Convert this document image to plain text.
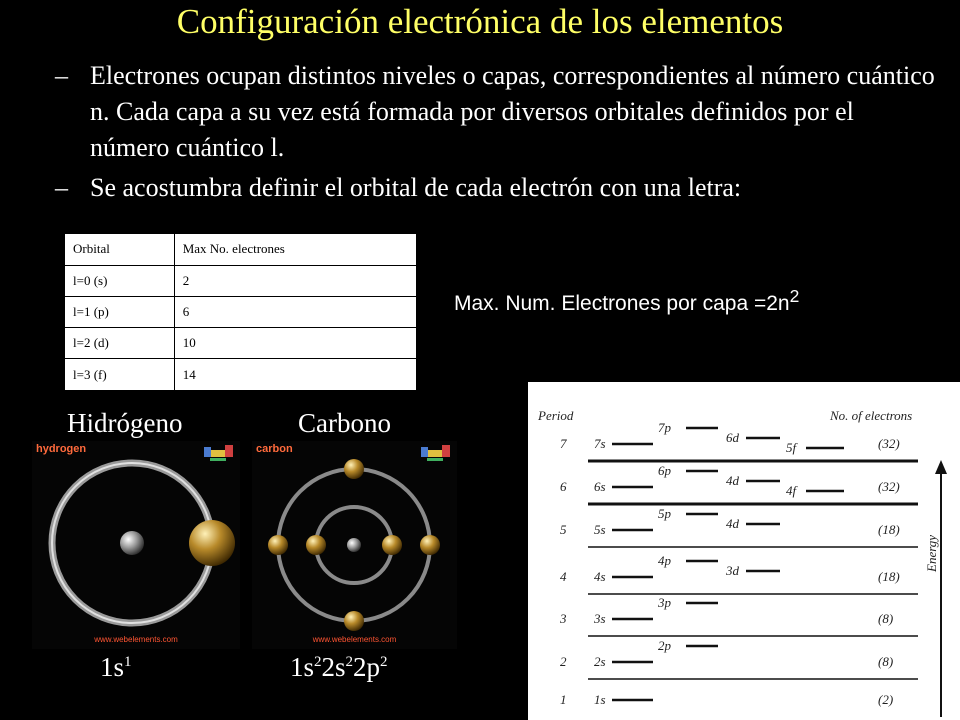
Configuración electrónica de los elementos
– Electrones ocupan distintos niveles o capas, correspondientes al número cuántico n. Cada capa a su vez está formada por diversos orbitales definidos por el número cuántico l.
– Se acostumbra definir el orbital de cada electrón con una letra:
Orbital	Max No. electrones
l=0 (s)	2
l=1 (p)	6
l=2 (d)	10
l=3 (f)	14
Max. Num. Electrones por capa $=2n^2$
Hidrógeno
hydrogen
www.webelements.com
$1s^1$
Carbono
carbon
www.webelements.com
$1s^22s^22p^2$
Period	No. of electrons
7	(32)
7s
7p
6d
5f
6	(32)
6s
6p
4d
4f
5	(18)
5s
5p
4d
4	(18)
4s
4p
3d
3	(8)
3s
3p
2	(8)
2s
2p
1	(2)
1s
Energy
